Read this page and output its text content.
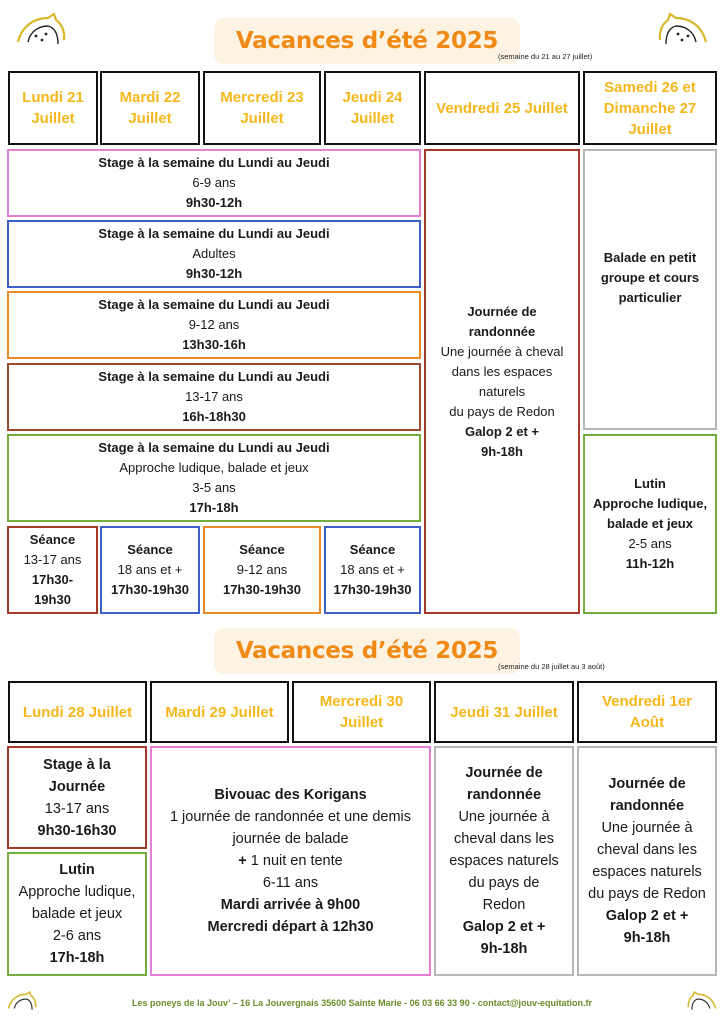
Vacances d’été 2025
(semaine du 21 au 27 juillet)
Lundi 21 Juillet
Mardi 22 Juillet
Mercredi 23 Juillet
Jeudi 24 Juillet
Vendredi 25 Juillet
Samedi 26 et Dimanche 27 Juillet
Stage à la semaine du Lundi au Jeudi
6-9 ans
9h30-12h
Stage à la semaine du Lundi au Jeudi
Adultes
9h30-12h
Stage à la semaine du Lundi au Jeudi
9-12 ans
13h30-16h
Stage à la semaine du Lundi au Jeudi
13-17 ans
16h-18h30
Stage à la semaine du Lundi au Jeudi
Approche ludique, balade et jeux
3-5 ans
17h-18h
Séance
13-17 ans
17h30-
19h30
Séance
18 ans et +
17h30-19h30
Séance
9-12 ans
17h30-19h30
Séance
18 ans et +
17h30-19h30
Journée de
randonnée
Une journée à cheval
dans les espaces
naturels
du pays de Redon
Galop 2 et +
9h-18h
Balade en petit
groupe et cours
particulier
Lutin
Approche ludique,
balade et jeux
2-5 ans
11h-12h
Vacances d’été 2025
(semaine du 28 juillet au 3 août)
Lundi 28 Juillet Mardi 29 Juillet
Mercredi 30 Juillet
Jeudi 31 Juillet
Vendredi 1er Août
Stage à la
Journée
13-17 ans
9h30-16h30
Lutin
Approche ludique,
balade et jeux
2-6 ans
17h-18h
Bivouac des Korigans
1 journée de randonnée et une demis
journée de balade
+ 1 nuit en tente
6-11 ans
Mardi arrivée à 9h00
Mercredi départ à 12h30
Journée de
randonnée
Une journée à
cheval dans les
espaces naturels
du pays de
Redon
Galop 2 et +
9h-18h
Journée de
randonnée
Une journée à
cheval dans les
espaces naturels
du pays de Redon
Galop 2 et +
9h-18h
Les poneys de la Jouv’ – 16 La Jouvergnais 35600 Sainte Marie - 06 03 66 33 90 - contact@jouv-equitation.fr
